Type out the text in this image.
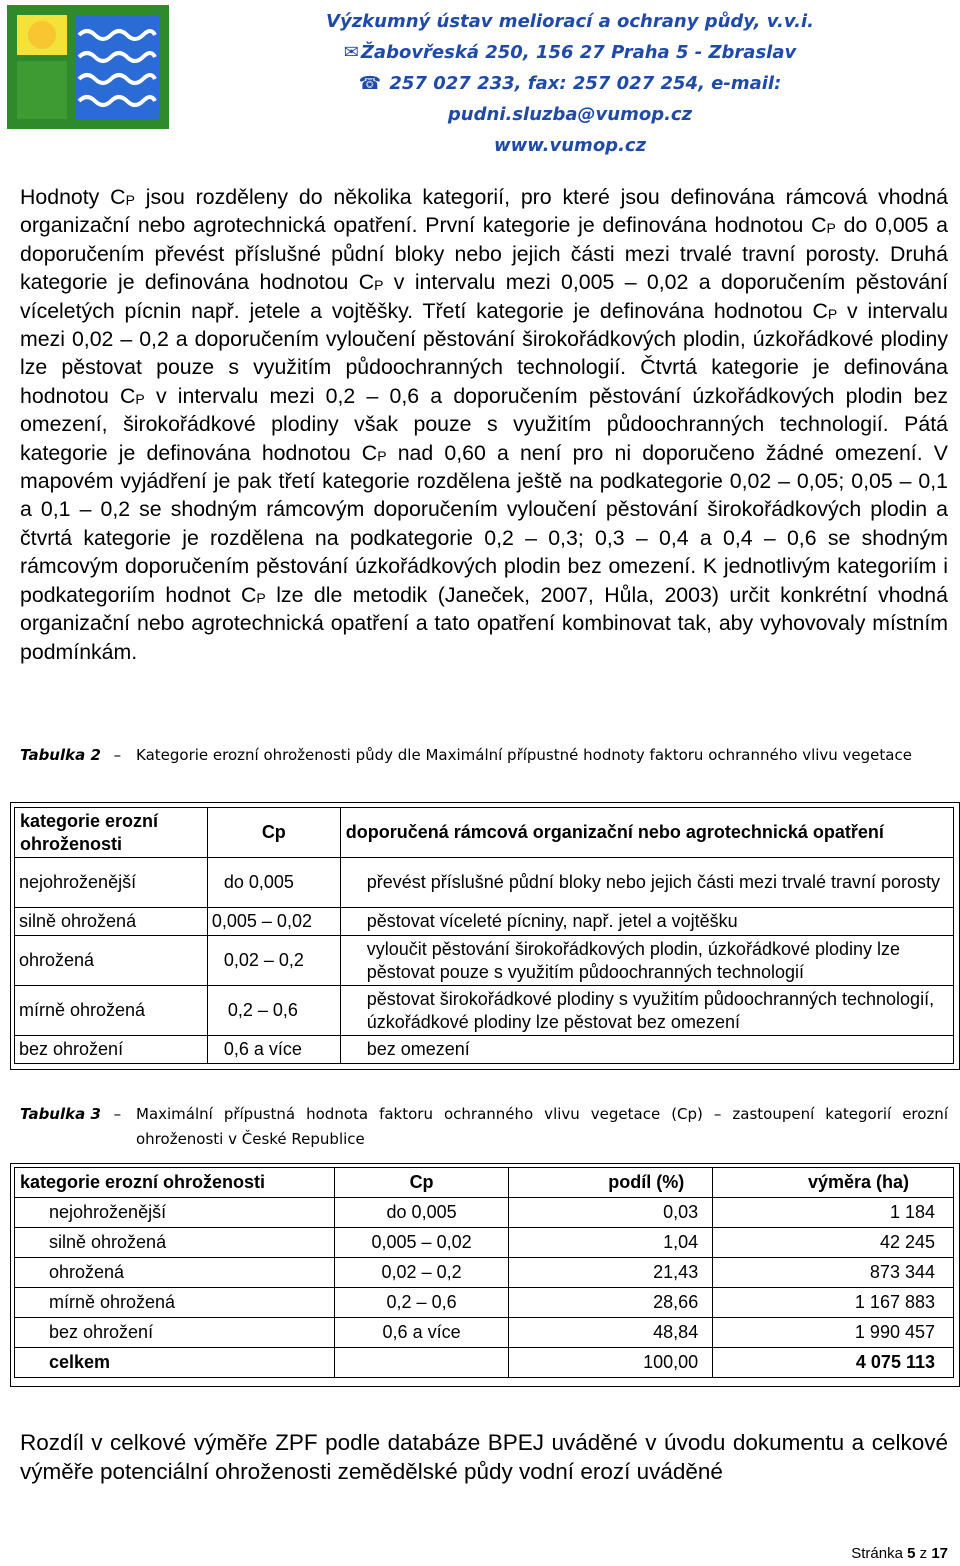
Výzkumný ústav meliorací a ochrany půdy, v.v.i.
✉ Žabovřeská 250, 156 27 Praha 5 - Zbraslav
☎ 257 027 233, fax: 257 027 254, e-mail: pudni.sluzba@vumop.cz
www.vumop.cz

Hodnoty $C_P$ jsou rozděleny do několika kategorií, pro které jsou definována rámcová vhodná organizační nebo agrotechnická opatření. První kategorie je definována hodnotou $C_P$ do 0,005 a doporučením převést příslušné půdní bloky nebo jejich části mezi trvalé travní porosty. Druhá kategorie je definována hodnotou $C_P$ v intervalu mezi 0,005 – 0,02 a doporučením pěstování víceletých pícnin např. jetele a vojtěšky. Třetí kategorie je definována hodnotou $C_P$ v intervalu mezi 0,02 – 0,2 a doporučením vyloučení pěstování širokořádkových plodin, úzkořádkové plodiny lze pěstovat pouze s využitím půdoochranných technologií. Čtvrtá kategorie je definována hodnotou $C_P$ v intervalu mezi 0,2 – 0,6 a doporučením pěstování úzkořádkových plodin bez omezení, širokořádkové plodiny však pouze s využitím půdoochranných technologií. Pátá kategorie je definována hodnotou $C_P$ nad 0,60 a není pro ni doporučeno žádné omezení. V mapovém vyjádření je pak třetí kategorie rozdělena ještě na podkategorie 0,02 – 0,05; 0,05 – 0,1 a 0,1 – 0,2 se shodným rámcovým doporučením vyloučení pěstování širokořádkových plodin a čtvrtá kategorie je rozdělena na podkategorie 0,2 – 0,3; 0,3 – 0,4 a 0,4 – 0,6 se shodným rámcovým doporučením pěstování úzkořádkových plodin bez omezení. K jednotlivým kategoriím i podkategoriím hodnot $C_P$ lze dle metodik (Janeček, 2007, Hůla, 2003) určit konkrétní vhodná organizační nebo agrotechnická opatření a tato opatření kombinovat tak, aby vyhovovaly místním podmínkám.

Tabulka 2 – Kategorie erozní ohroženosti půdy dle Maximální přípustné hodnoty faktoru ochranného vlivu vegetace
kategorie erozní ohroženosti	Cp	doporučená rámcová organizační nebo agrotechnická opatření
nejohroženější	do 0,005	převést příslušné půdní bloky nebo jejich části mezi trvalé travní porosty
silně ohrožená	0,005 – 0,02	pěstovat víceleté pícniny, např. jetel a vojtěšku
ohrožená	0,02 – 0,2	vyloučit pěstování širokořádkových plodin, úzkořádkové plodiny lze pěstovat pouze s využitím půdoochranných technologií
mírně ohrožená	0,2 – 0,6	pěstovat širokořádkové plodiny s využitím půdoochranných technologií, úzkořádkové plodiny lze pěstovat bez omezení
bez ohrožení	0,6 a více	bez omezení
Tabulka 3 – Maximální přípustná hodnota faktoru ochranného vlivu vegetace (Cp) – zastoupení kategorií erozní ohroženosti v České Republice
kategorie erozní ohroženosti	Cp	podíl (%)	výměra (ha)
nejohroženější	do 0,005	0,03	1 184
silně ohrožená	0,005 – 0,02	1,04	42 245
ohrožená	0,02 – 0,2	21,43	873 344
mírně ohrožená	0,2 – 0,6	28,66	1 167 883
bez ohrožení	0,6 a více	48,84	1 990 457
celkem		100,00	4 075 113
Rozdíl v celkové výměře ZPF podle databáze BPEJ uváděné v úvodu dokumentu a celkové výměře potenciální ohroženosti zemědělské půdy vodní erozí uváděné
Stránka 5 z 17
